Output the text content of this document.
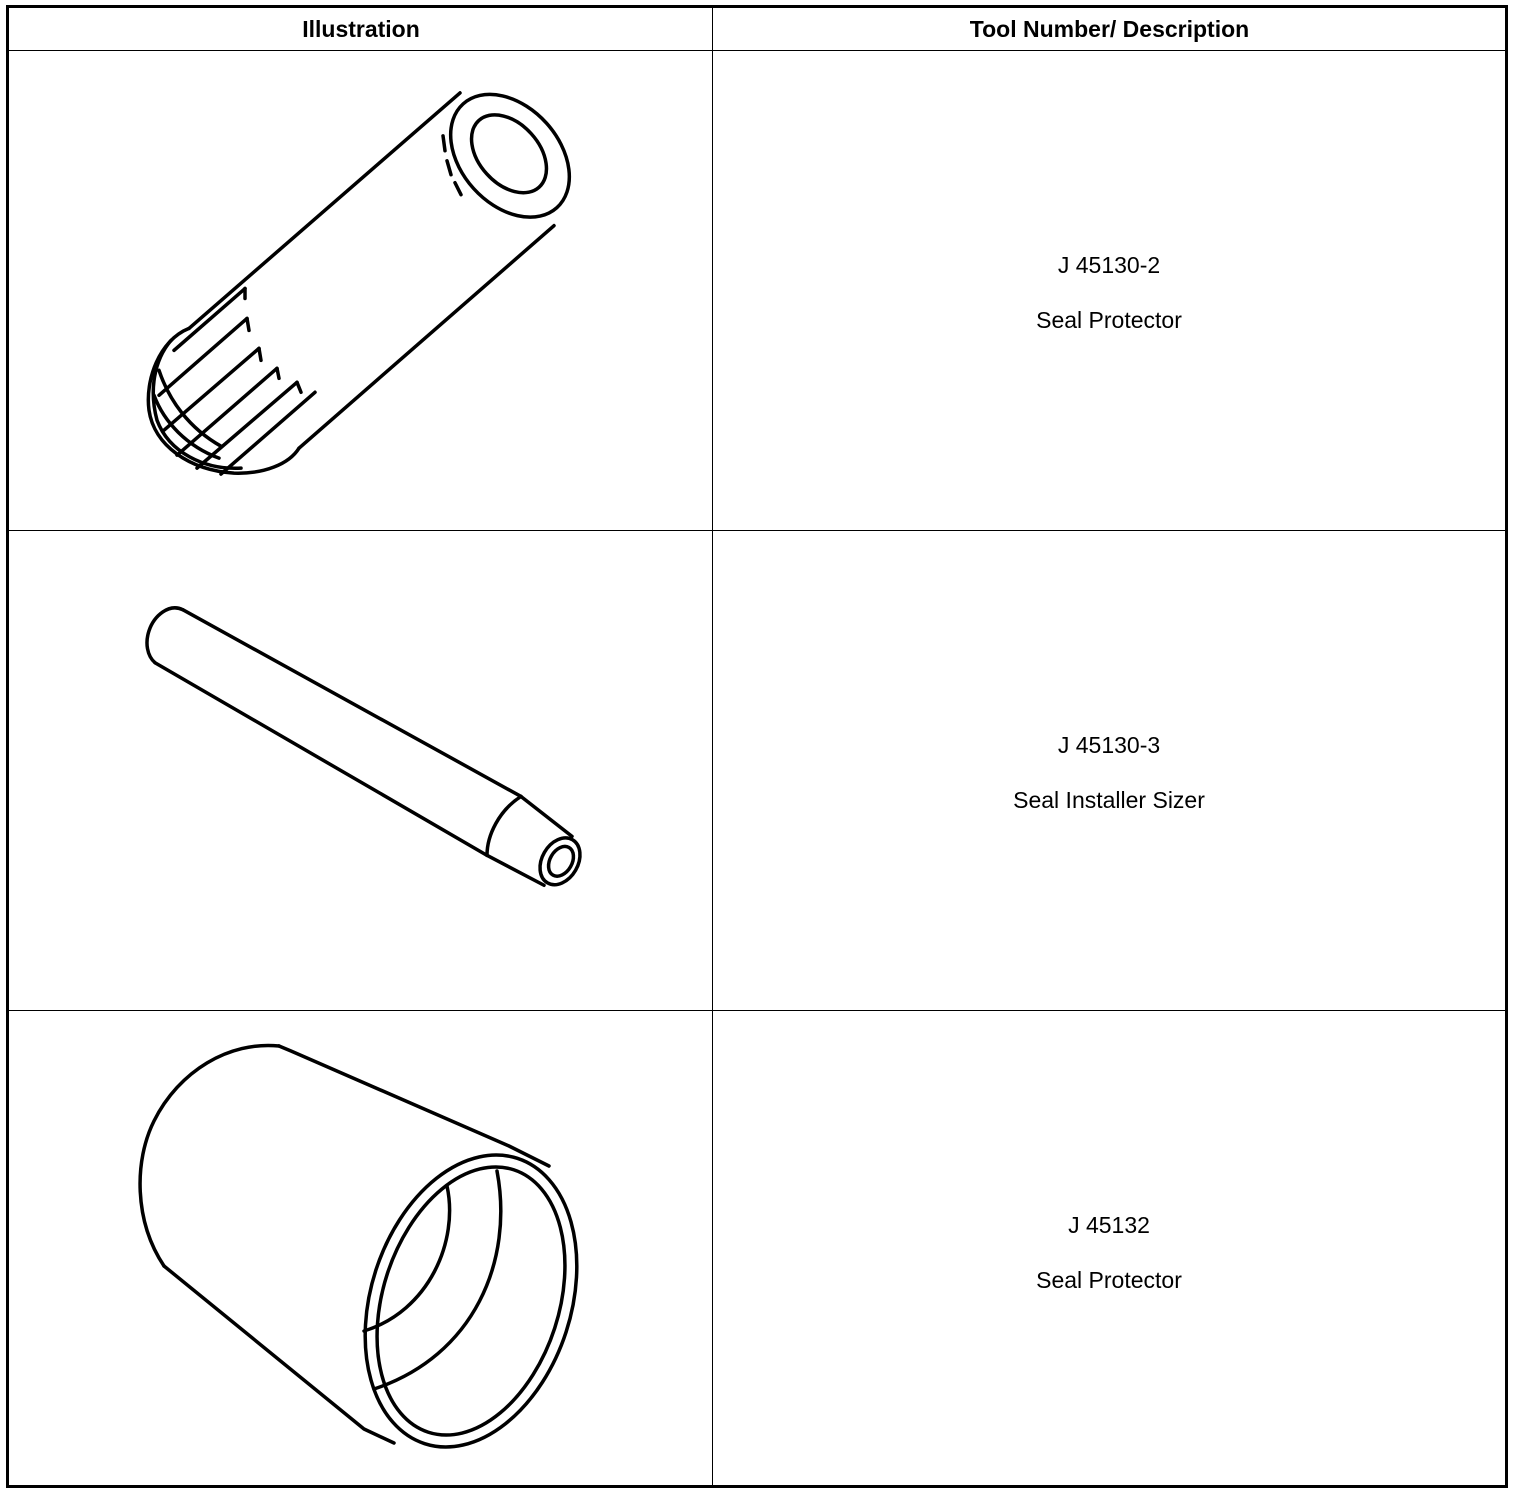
Illustration	Tool Number/ Description
J 45130-2
Seal Protector
J 45130-3
Seal Installer Sizer
J 45132
Seal Protector
